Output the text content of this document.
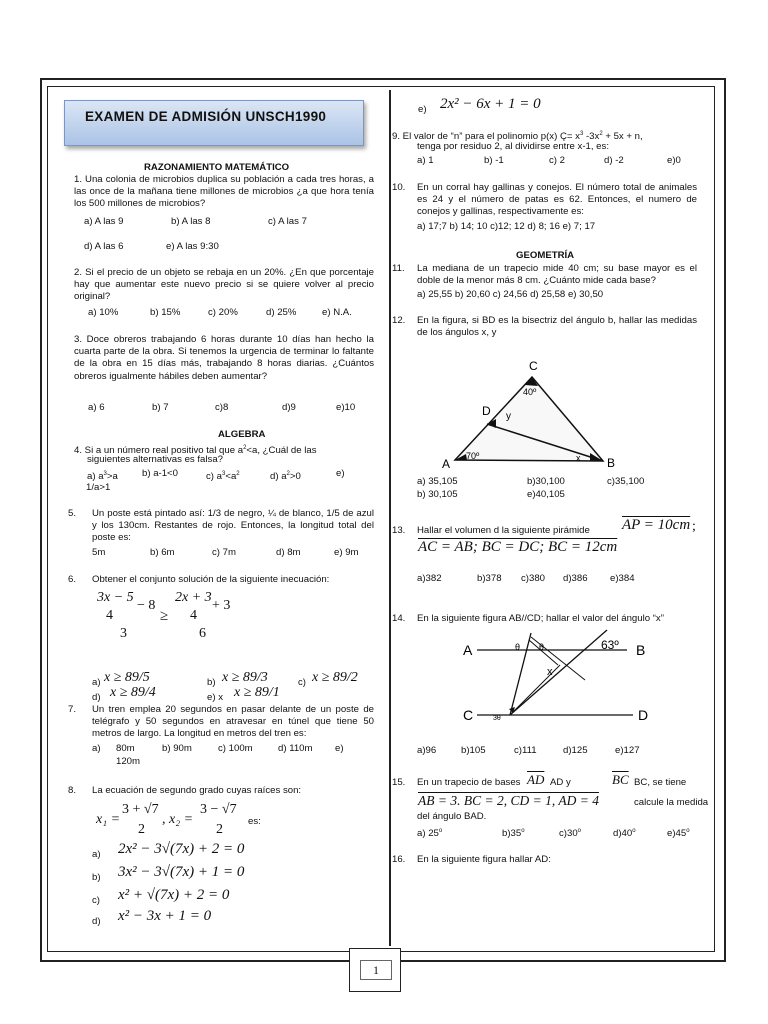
EXAMEN DE ADMISIÓN UNSCH1990
RAZONAMIENTO MATEMÁTICO
1. Una colonia de microbios duplica su población a cada tres horas, a las once de la mañana tiene millones de microbios ¿a que hora tenía los 500 millones de microbios?
a) A las 9	b) A las 8	c) A las 7
d) A las 6	e) A las 9:30
2. Si el precio de un objeto se rebaja en un 20%. ¿En que porcentaje hay que aumentar este nuevo precio si se quiere volver al precio original?
a) 10%	b) 15%	c) 20%	d) 25%	e) N.A.
3. Doce obreros trabajando 6 horas durante 10 días han hecho la cuarta parte de la obra. Si tenemos la urgencia de terminar lo faltante de la obra en 15 días más, trabajando 8 horas diarias. ¿Cuántos obreros igualmente hábiles deben aumentar?
a) 6	b) 7	c)8	d)9	e)10
ALGEBRA
4. Si a un número real positivo tal que $a^2<a$, ¿Cuál de las
siguientes alternativas es falsa?
a) $a^3>a$	b) a-1<0	c) $a^3<a^2$	d) $a^2>0$	e)
1/a>1
5. Un poste está pintado así: 1/3 de negro, ¼ de blanco, 1/5 de azul y los 130cm. Restantes de rojo. Entonces, la longitud total del poste es:
5m	b) 6m	c) 7m	d) 8m	e) 9m
6. Obtener el conjunto solución de la siguiente inecuación:
3x − 5
− 8
4
3
≥
2x + 3
+ 3
4
6
a) x ≥ 89/5	b) x ≥ 89/3	c) x ≥ 89/2
d) x ≥ 89/4	e) x x ≥ 89/1
7. Un tren emplea 20 segundos en pasar delante de un poste de telégrafo y 50 segundos en atravesar en túnel que tiene 50 metros de largo. La longitud en metros del tren es:
a) 80m	b) 90m	c) 100m	d) 110m e)
120m
8. La ecuación de segundo grado cuyas raíces son:
x₁ =
3 + √7
2
, x₂ =
3 − √7
2
es:
a) 2x² − 3√(7x) + 2 = 0
b) 3x² − 3√(7x) + 1 = 0
c) x² + √(7x) + 2 = 0
d) x² − 3x + 1 = 0
e) 2x² − 6x + 1 = 0
9. El valor de “n” para el polinomio p(x) Ç= $x^3$ $-3x^2 + 5x + n$,
tenga por residuo 2, al dividirse entre x-1, es:
a) 1	b) -1	c) 2	d) -2	e)0
10. En un corral hay gallinas y conejos. El número total de animales es 24 y el número de patas es 62. Entonces, el numero de conejos y gallinas, respectivamente es:
a) 17;7 b) 14; 10 c)12; 12 d) 8; 16 e) 7; 17
GEOMETRÍA
11. La mediana de un trapecio mide 40 cm; su base mayor es el doble de la menor más 8 cm. ¿Cuánto mide cada base?
a) 25,55 b) 20,60 c) 24,56 d) 25,58 e) 30,50
12. En la figura, si BD es la bisectriz del ángulo b, hallar las medidas de los ángulos x, y
C
40º
D y
A
70º	x B
a) 35,105	b)30,100	c)35,100
b) 30,105	e)40,105
13. Hallar el volumen d la siguiente pirámide AP = 10cm ;
AC = AB; BC = DC; BC = 12cm
a)382	b)378 c)380 d)386 e)384
14. En la siguiente figura AB//CD; hallar el valor del ángulo “x”
A	B
C	D
x
θ θ	63º
3θ
a)96	b)105	c)111	d)125	e)127
15. En un trapecio de bases $\overline{AD}$ AD y	$\overline{BC}$ BC, se tiene
AB = 3. BC = 2, CD = 1, AD = 4	calcule la medida
del ángulo BAD.
a) 25$^o$	b)35$^o$	c)30$^o$	d)40$^o$	e)45$^o$
16. En la siguiente figura hallar AD:
1
